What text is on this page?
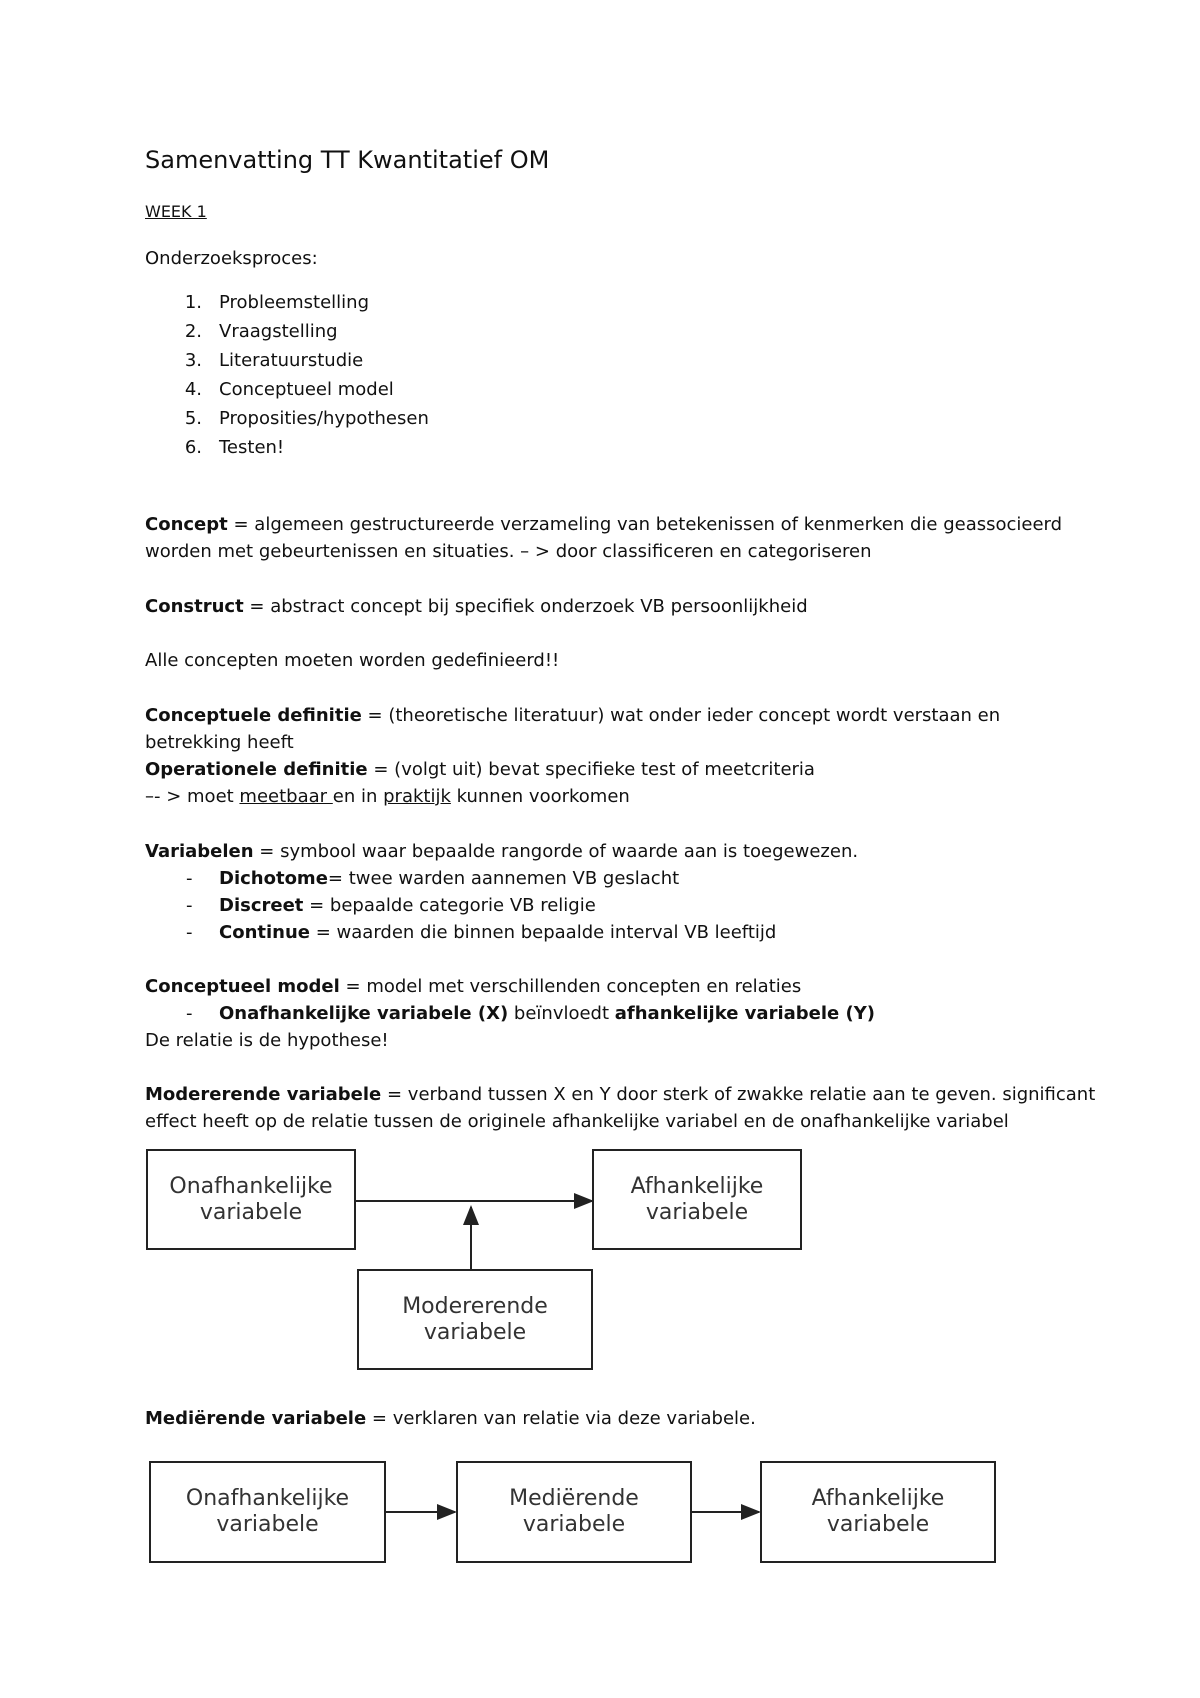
Samenvatting TT Kwantitatief OM
WEEK 1
Onderzoeksproces:
1. Probleemstelling
2. Vraagstelling
3. Literatuurstudie
4. Conceptueel model
5. Proposities/hypothesen
6. Testen!
Concept = algemeen gestructureerde verzameling van betekenissen of kenmerken die geassocieerd
worden met gebeurtenissen en situaties. – > door classificeren en categoriseren
Construct = abstract concept bij specifiek onderzoek VB persoonlijkheid
Alle concepten moeten worden gedefinieerd!!
Conceptuele definitie = (theoretische literatuur) wat onder ieder concept wordt verstaan en
betrekking heeft
Operationele definitie = (volgt uit) bevat specifieke test of meetcriteria
–- > moet meetbaar en in praktijk kunnen voorkomen
Variabelen = symbool waar bepaalde rangorde of waarde aan is toegewezen.
- Dichotome= twee warden aannemen VB geslacht
- Discreet = bepaalde categorie VB religie
- Continue = waarden die binnen bepaalde interval VB leeftijd
Conceptueel model = model met verschillenden concepten en relaties
- Onafhankelijke variabele (X) beïnvloedt afhankelijke variabele (Y)
De relatie is de hypothese!
Modererende variabele = verband tussen X en Y door sterk of zwakke relatie aan te geven. significant
effect heeft op de relatie tussen de originele afhankelijke variabel en de onafhankelijke variabel
Onafhankelijke variabele
Afhankelijke variabele
Modererende variabele
Mediërende variabele = verklaren van relatie via deze variabele.
Onafhankelijke variabele
Mediërende variabele
Afhankelijke variabele
